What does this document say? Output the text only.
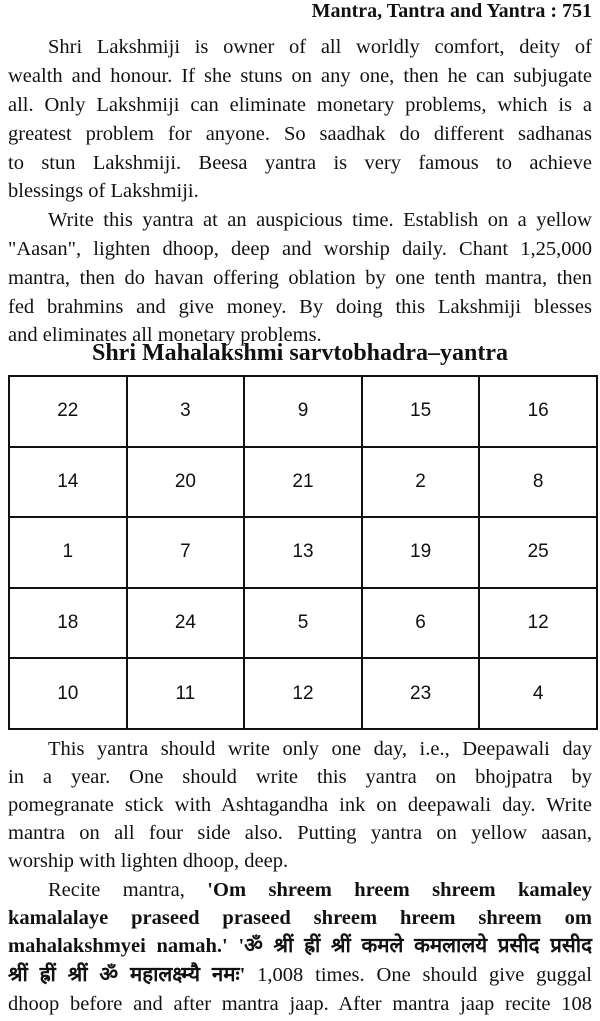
Mantra, Tantra and Yantra : 751
Shri Lakshmiji is owner of all worldly comfort, deity of
wealth and honour. If she stuns on any one, then he can subjugate
all. Only Lakshmiji can eliminate monetary problems, which is a
greatest problem for anyone. So saadhak do different sadhanas
to stun Lakshmiji. Beesa yantra is very famous to achieve
blessings of Lakshmiji.
Write this yantra at an auspicious time. Establish on a yellow
"Aasan", lighten dhoop, deep and worship daily. Chant 1,25,000
mantra, then do havan offering oblation by one tenth mantra, then
fed brahmins and give money. By doing this Lakshmiji blesses
and eliminates all monetary problems.
Shri Mahalakshmi sarvtobhadra–yantra
22	3	9	15	16
14	20	21	2	8
1	7	13	19	25
18	24	5	6	12
10	11	12	23	4
This yantra should write only one day, i.e., Deepawali day
in a year. One should write this yantra on bhojpatra by
pomegranate stick with Ashtagandha ink on deepawali day. Write
mantra on all four side also. Putting yantra on yellow aasan,
worship with lighten dhoop, deep.
Recite mantra, 'Om shreem hreem shreem kamaley
kamalalaye praseed praseed shreem hreem shreem om
mahalakshmyei namah.' 'ॐ श्रीं ह्रीं श्रीं कमले कमलालये प्रसीद प्रसीद
श्रीं ह्रीं श्रीं ॐ महालक्ष्म्यै नमः' 1,008 times. One should give guggal
dhoop before and after mantra jaap. After mantra jaap recite 108
